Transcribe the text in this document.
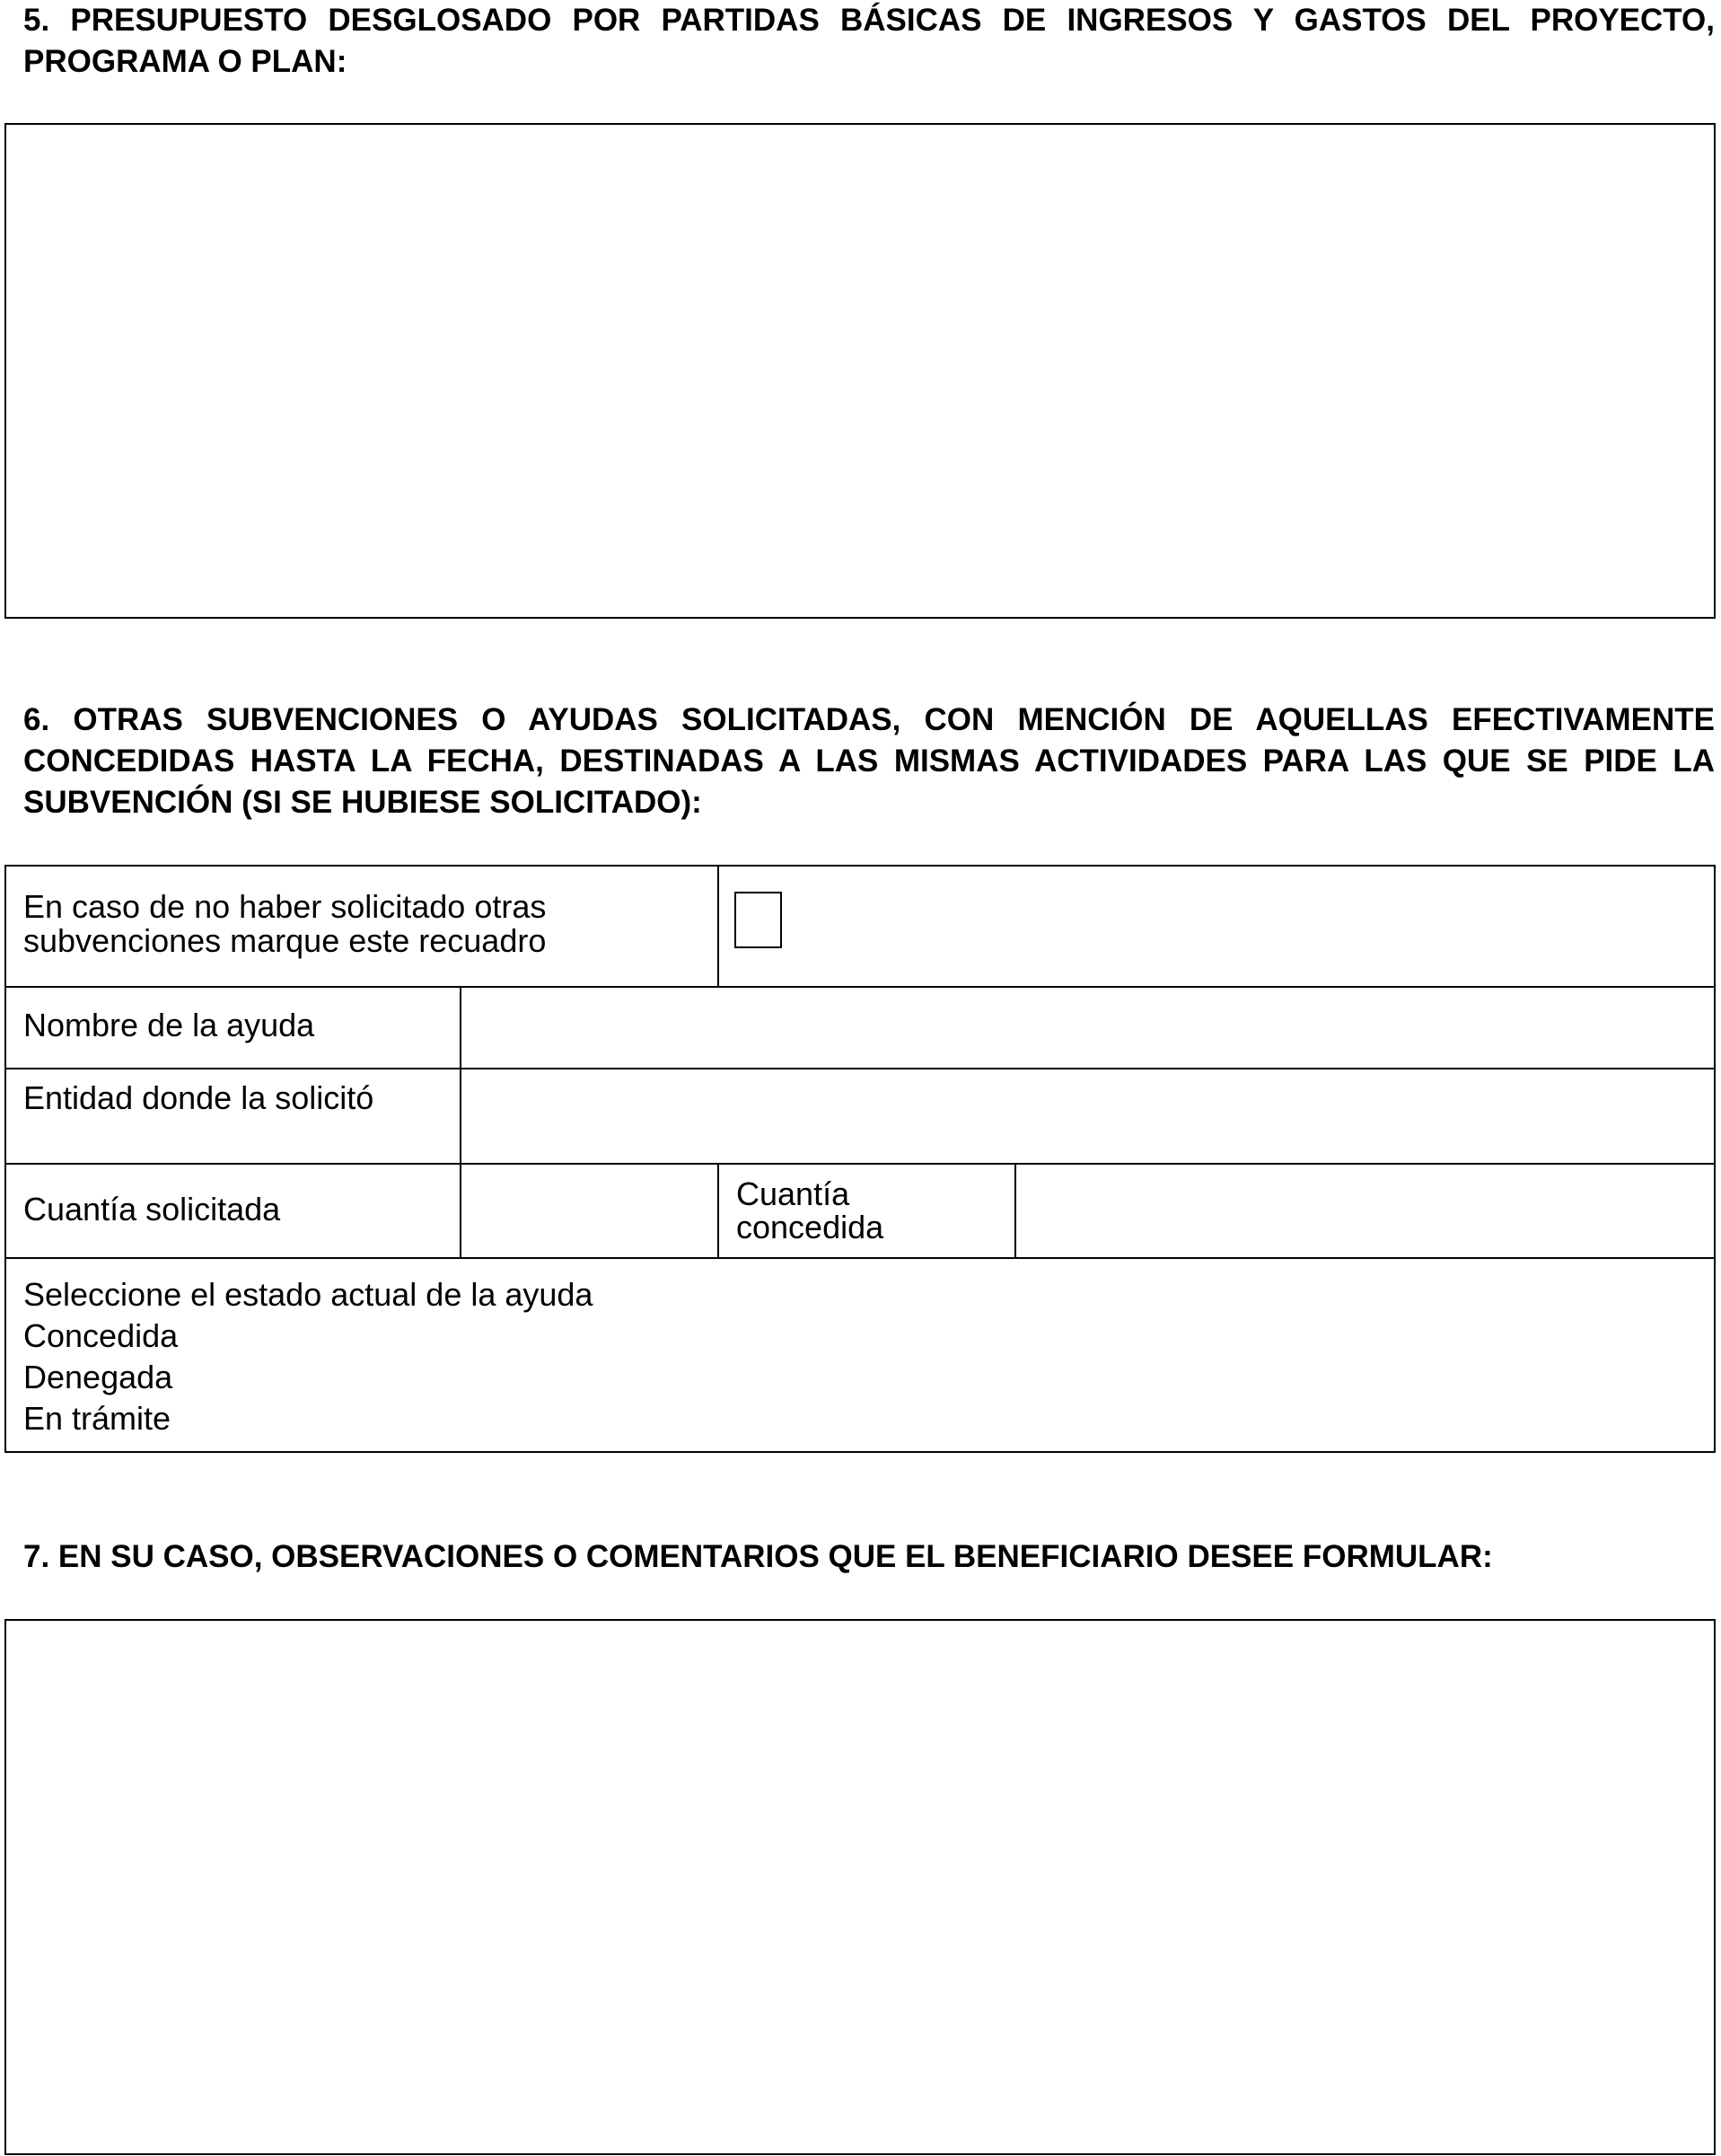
5. PRESUPUESTO DESGLOSADO POR PARTIDAS BÁSICAS DE INGRESOS Y GASTOS DEL PROYECTO, PROGRAMA O PLAN:
6. OTRAS SUBVENCIONES O AYUDAS SOLICITADAS, CON MENCIÓN DE AQUELLAS EFECTIVAMENTE CONCEDIDAS HASTA LA FECHA, DESTINADAS A LAS MISMAS ACTIVIDADES PARA LAS QUE SE PIDE LA SUBVENCIÓN (SI SE HUBIESE SOLICITADO):
En caso de no haber solicitado otras
subvenciones marque este recuadro
Nombre de la ayuda
Entidad donde la solicitó
Cuantía solicitada	Cuantía
concedida
Seleccione el estado actual de la ayuda
Concedida
Denegada
En trámite
7. EN SU CASO, OBSERVACIONES O COMENTARIOS QUE EL BENEFICIARIO DESEE FORMULAR:
